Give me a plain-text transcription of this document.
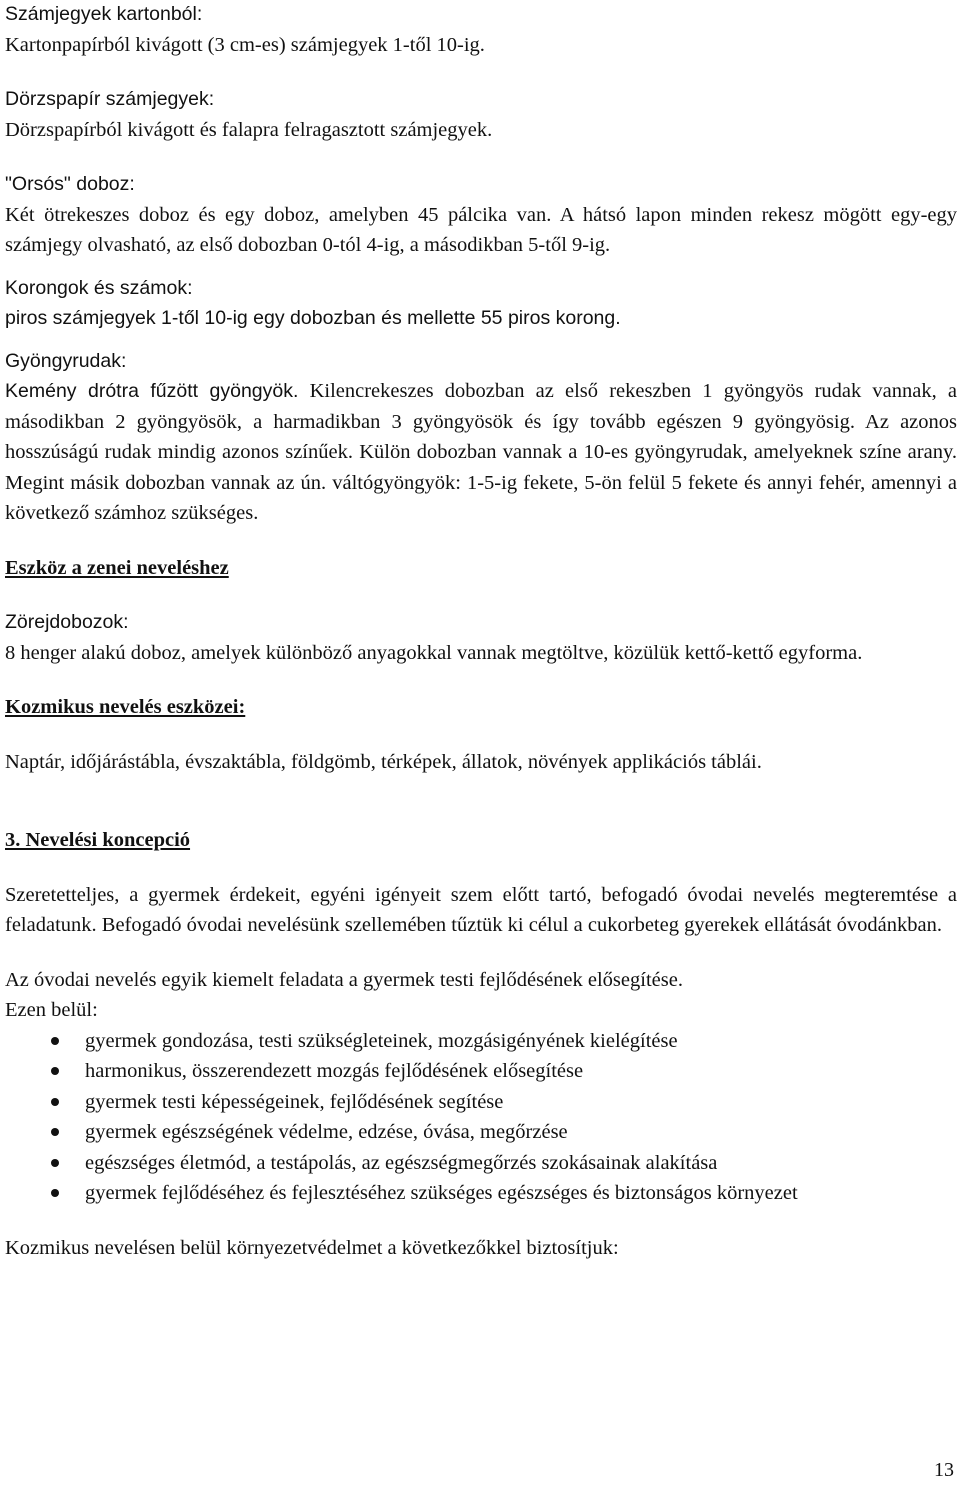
Számjegyek kartonból:

Kartonpapírból kivágott (3 cm-es) számjegyek 1-től 10-ig.

Dörzspapír számjegyek:

Dörzspapírból kivágott és falapra felragasztott számjegyek.

"Orsós" doboz:

Két ötrekeszes doboz és egy doboz, amelyben 45 pálcika van. A hátsó lapon minden rekesz mögött egy-egy számjegy olvasható, az első dobozban 0-tól 4-ig, a másodikban 5-től 9-ig.

Korongok és számok:

piros számjegyek 1-től 10-ig egy dobozban és mellette 55 piros korong.

Gyöngyrudak:

Kemény drótra fűzött gyöngyök. Kilencrekeszes dobozban az első rekeszben 1 gyöngyös rudak vannak, a másodikban 2 gyöngyösök, a harmadikban 3 gyöngyösök és így tovább egészen 9 gyöngyösig. Az azonos hosszúságú rudak mindig azonos színűek. Külön dobozban vannak a 10-es gyöngyrudak, amelyeknek színe arany. Megint másik dobozban vannak az ún. váltógyöngyök: 1-5-ig fekete, 5-ön felül 5 fekete és annyi fehér, amennyi a következő számhoz szükséges.

Eszköz a zenei neveléshez

Zörejdobozok:

8 henger alakú doboz, amelyek különböző anyagokkal vannak megtöltve, közülük kettő-kettő egyforma.

Kozmikus nevelés eszközei:

Naptár, időjárástábla, évszaktábla, földgömb, térképek, állatok, növények applikációs táblái.

3. Nevelési koncepció

Szeretetteljes, a gyermek érdekeit, egyéni igényeit szem előtt tartó, befogadó óvodai nevelés megteremtése a feladatunk. Befogadó óvodai nevelésünk szellemében tűztük ki célul a cukorbeteg gyerekek ellátását óvodánkban.

Az óvodai nevelés egyik kiemelt feladata a gyermek testi fejlődésének elősegítése.

Ezen belül:

gyermek gondozása, testi szükségleteinek, mozgásigényének kielégítése
harmonikus, összerendezett mozgás fejlődésének elősegítése
gyermek testi képességeinek, fejlődésének segítése
gyermek egészségének védelme, edzése, óvása, megőrzése
egészséges életmód, a testápolás, az egészségmegőrzés szokásainak alakítása
gyermek fejlődéséhez és fejlesztéséhez szükséges egészséges és biztonságos környezet

Kozmikus nevelésen belül környezetvédelmet a következőkkel biztosítjuk:

13
